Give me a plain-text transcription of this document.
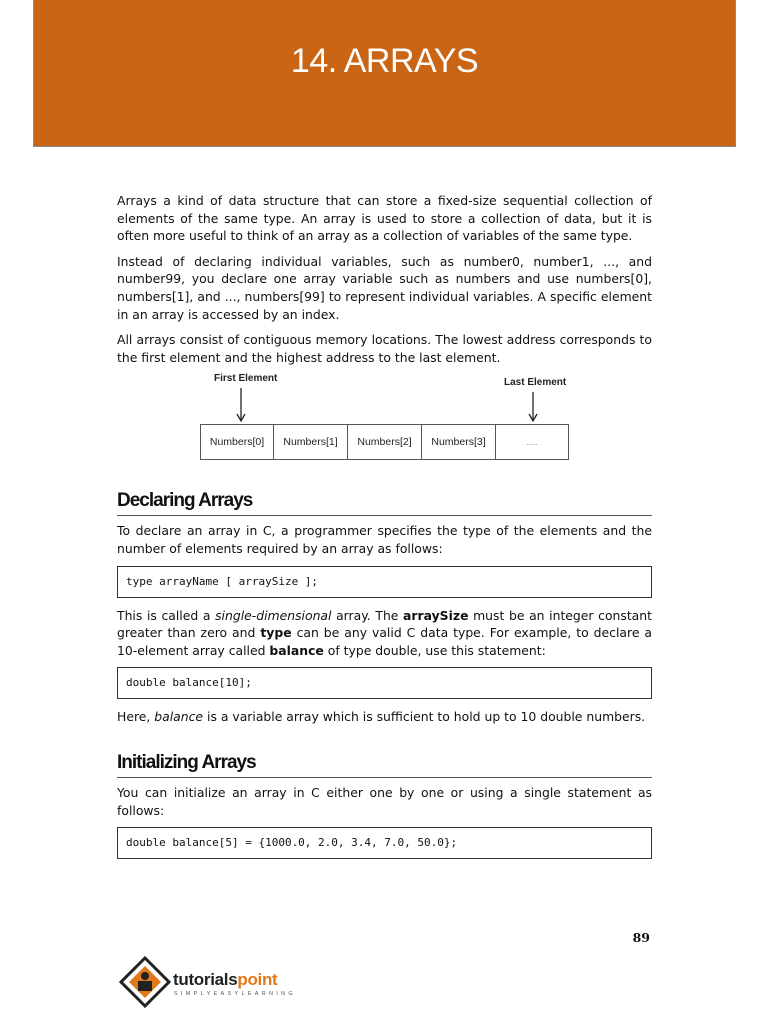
14. ARRAYS

Arrays a kind of data structure that can store a fixed-size sequential collection of elements of the same type. An array is used to store a collection of data, but it is often more useful to think of an array as a collection of variables of the same type.

Instead of declaring individual variables, such as number0, number1, ..., and number99, you declare one array variable such as numbers and use numbers[0], numbers[1], and ..., numbers[99] to represent individual variables. A specific element in an array is accessed by an index.

All arrays consist of contiguous memory locations. The lowest address corresponds to the first element and the highest address to the last element.

First Element	Last Element
Numbers[0]	Numbers[1]	Numbers[2]	Numbers[3]	.....
Declaring Arrays

To declare an array in C, a programmer specifies the type of the elements and the number of elements required by an array as follows:

type arrayName [ arraySize ];

This is called a single-dimensional array. The arraySize must be an integer constant greater than zero and type can be any valid C data type. For example, to declare a 10-element array called balance of type double, use this statement:

double balance[10];

Here, balance is a variable array which is sufficient to hold up to 10 double numbers.

Initializing Arrays

You can initialize an array in C either one by one or using a single statement as follows:

double balance[5] = {1000.0, 2.0, 3.4, 7.0, 50.0};
89
tutorialspoint
SIMPLYEASYLEARNING
